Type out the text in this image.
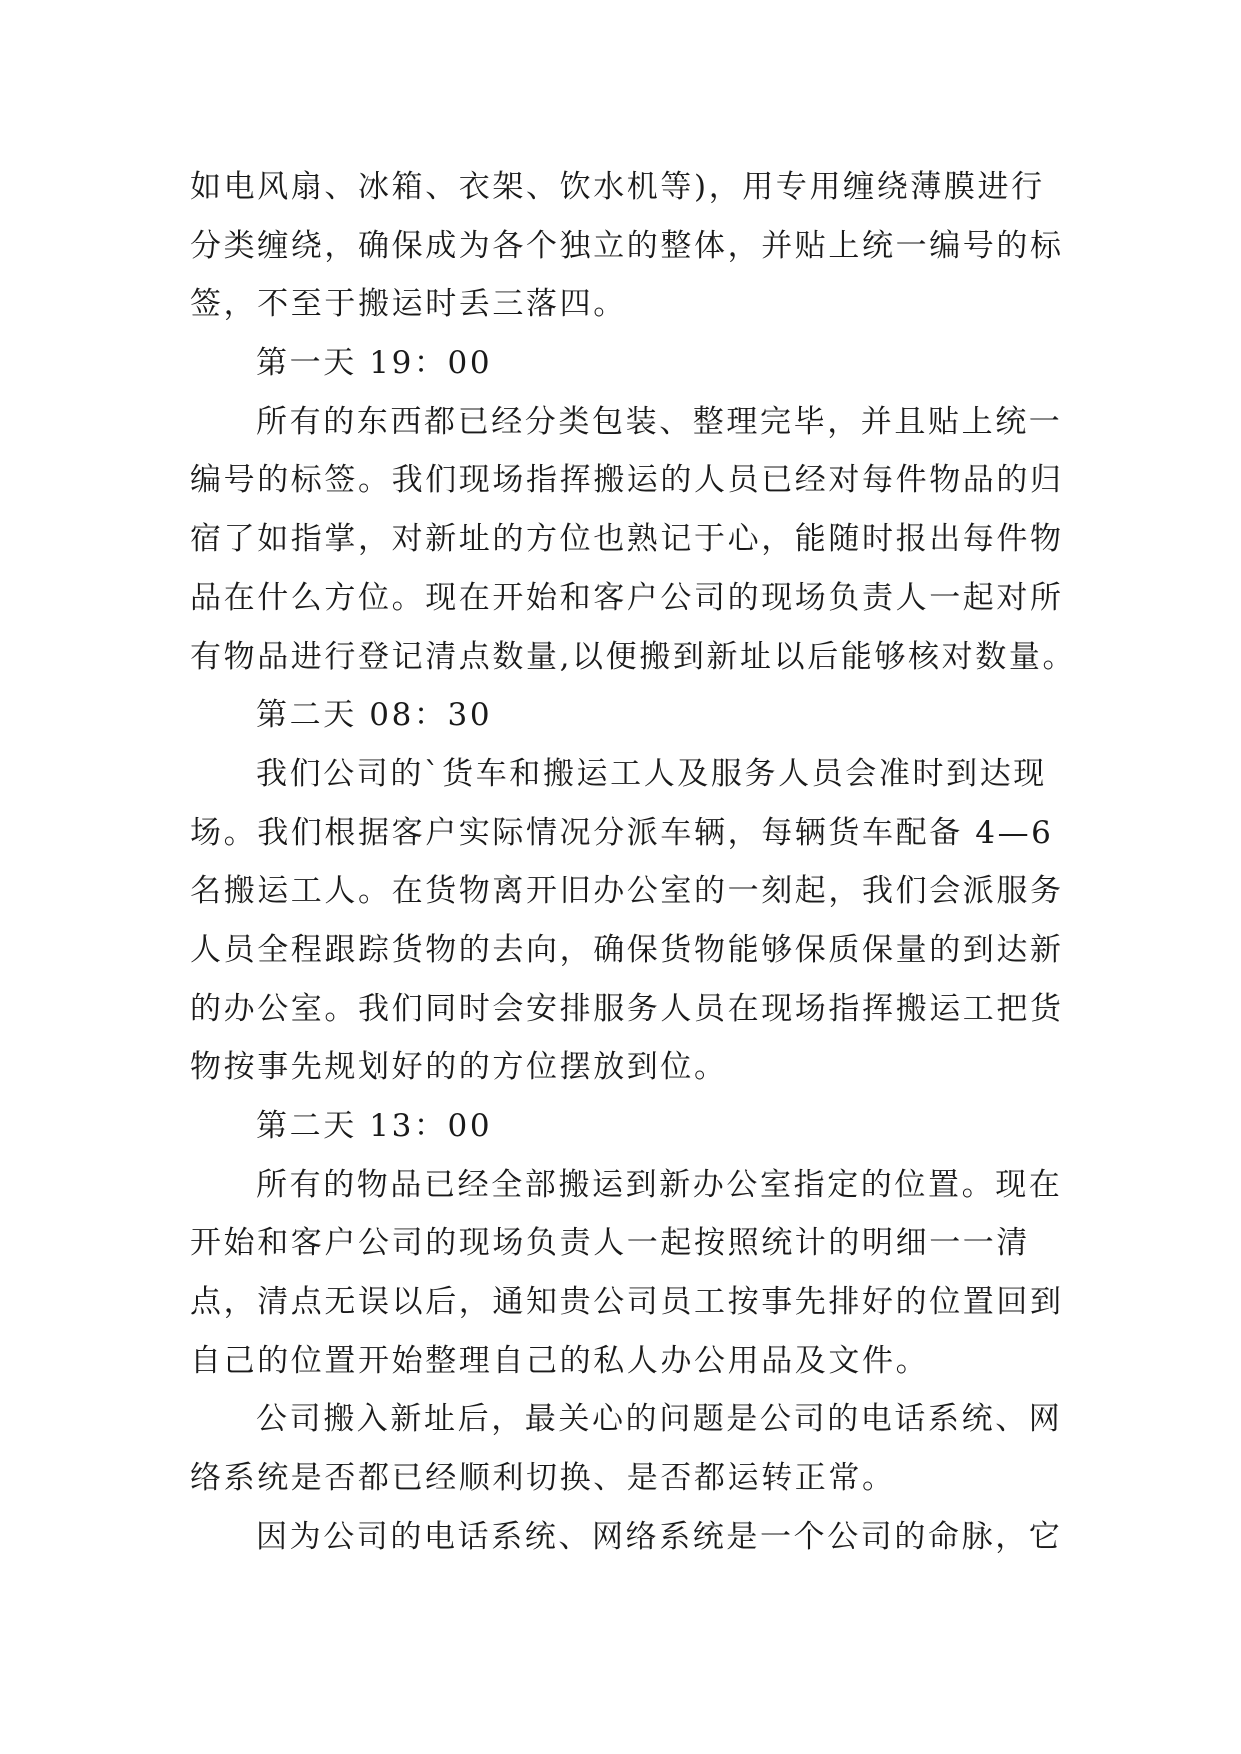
如电风扇、冰箱、衣架、饮水机等)，用专用缠绕薄膜进行
分类缠绕，确保成为各个独立的整体，并贴上统一编号的标
签，不至于搬运时丢三落四。
第一天 19：00
所有的东西都已经分类包装、整理完毕，并且贴上统一
编号的标签。我们现场指挥搬运的人员已经对每件物品的归
宿了如指掌，对新址的方位也熟记于心，能随时报出每件物
品在什么方位。现在开始和客户公司的现场负责人一起对所
有物品进行登记清点数量,以便搬到新址以后能够核对数量。
第二天 08：30
我们公司的`货车和搬运工人及服务人员会准时到达现
场。我们根据客户实际情况分派车辆，每辆货车配备 4—6
名搬运工人。在货物离开旧办公室的一刻起，我们会派服务
人员全程跟踪货物的去向，确保货物能够保质保量的到达新
的办公室。我们同时会安排服务人员在现场指挥搬运工把货
物按事先规划好的的方位摆放到位。
第二天 13：00
所有的物品已经全部搬运到新办公室指定的位置。现在
开始和客户公司的现场负责人一起按照统计的明细一一清
点，清点无误以后，通知贵公司员工按事先排好的位置回到
自己的位置开始整理自己的私人办公用品及文件。
公司搬入新址后，最关心的问题是公司的电话系统、网
络系统是否都已经顺利切换、是否都运转正常。
因为公司的电话系统、网络系统是一个公司的命脉，它
